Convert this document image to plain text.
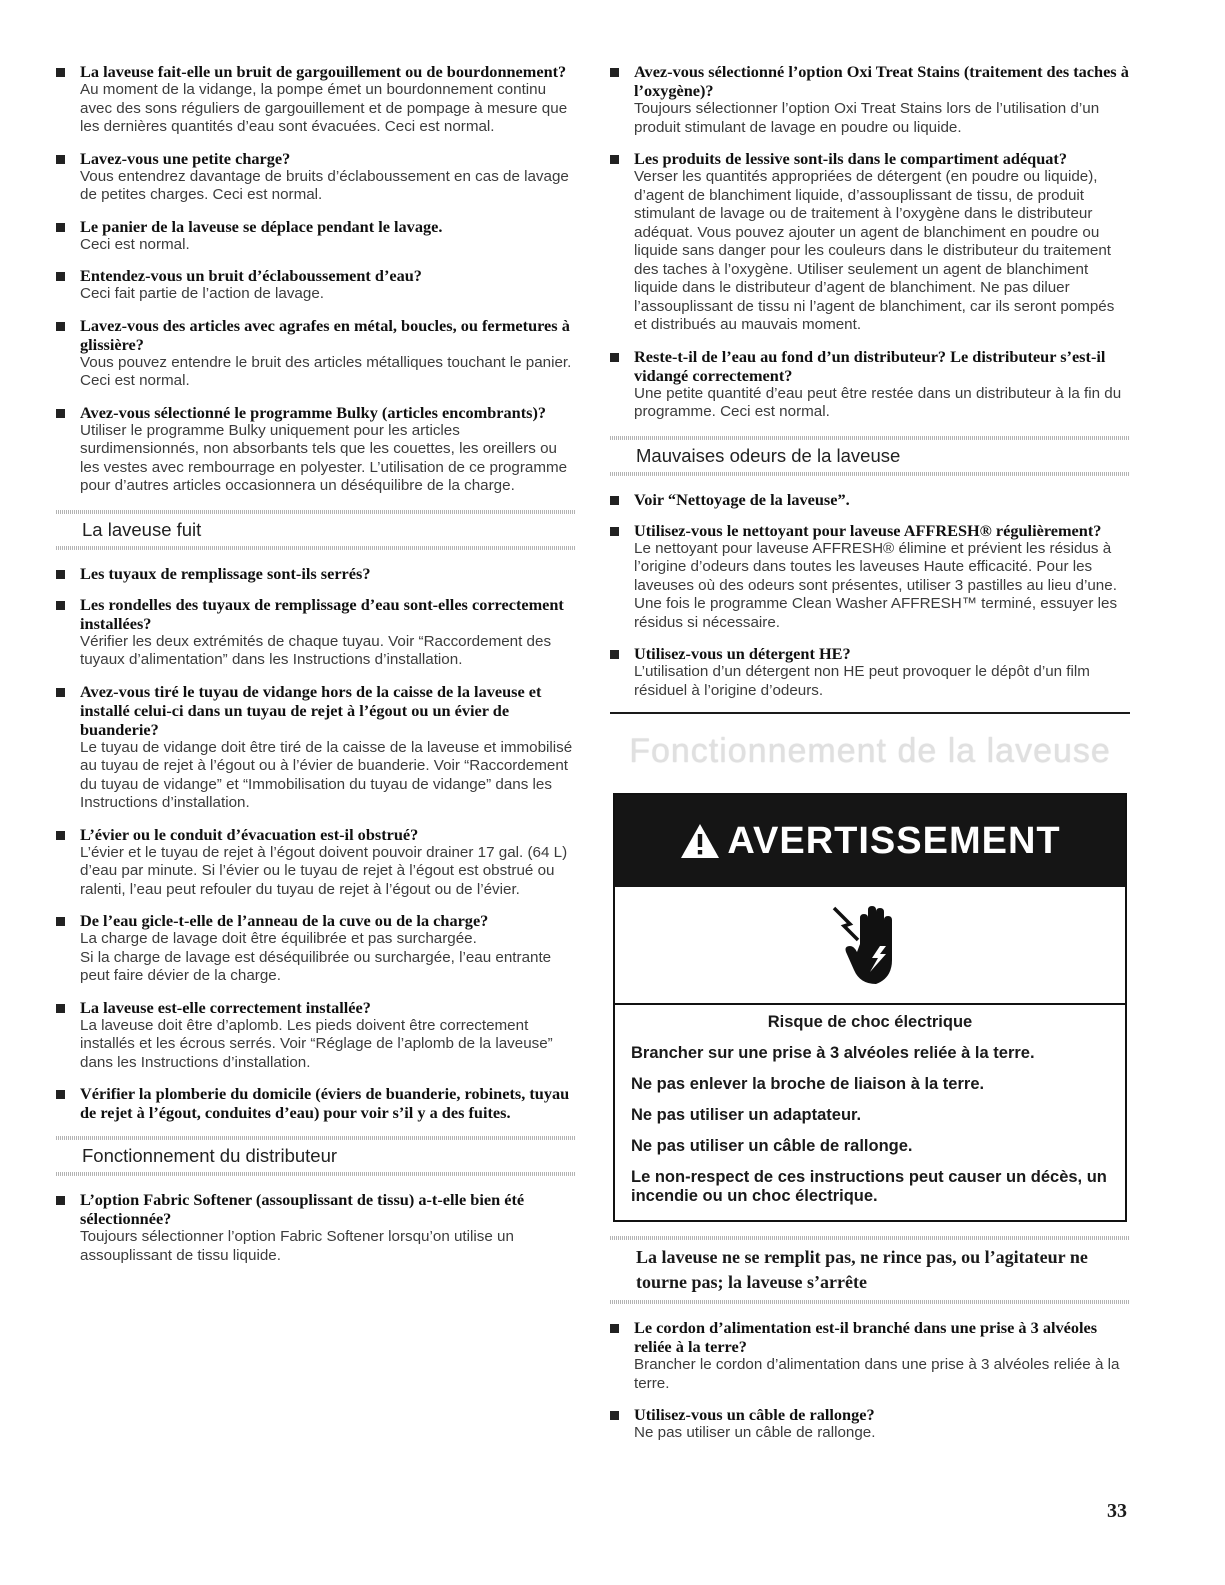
La laveuse fait-elle un bruit de gargouillement ou de bourdonnement?

Au moment de la vidange, la pompe émet un bourdonnement continu avec des sons réguliers de gargouillement et de pompage à mesure que les dernières quantités d’eau sont évacuées. Ceci est normal.

Lavez-vous une petite charge?

Vous entendrez davantage de bruits d’éclaboussement en cas de lavage de petites charges. Ceci est normal.

Le panier de la laveuse se déplace pendant le lavage.

Ceci est normal.

Entendez-vous un bruit d’éclaboussement d’eau?

Ceci fait partie de l’action de lavage.

Lavez-vous des articles avec agrafes en métal, boucles, ou fermetures à glissière?

Vous pouvez entendre le bruit des articles métalliques touchant le panier. Ceci est normal.

Avez-vous sélectionné le programme Bulky (articles encombrants)?

Utiliser le programme Bulky uniquement pour les articles surdimensionnés, non absorbants tels que les couettes, les oreillers ou les vestes avec rembourrage en polyester. L’utilisation de ce programme pour d’autres articles occasionnera un déséquilibre de la charge.

La laveuse fuit
Les tuyaux de remplissage sont-ils serrés?
Les rondelles des tuyaux de remplissage d’eau sont-elles correctement installées?

Vérifier les deux extrémités de chaque tuyau. Voir “Raccordement des tuyaux d’alimentation” dans les Instructions d’installation.

Avez-vous tiré le tuyau de vidange hors de la caisse de la laveuse et installé celui-ci dans un tuyau de rejet à l’égout ou un évier de buanderie?

Le tuyau de vidange doit être tiré de la caisse de la laveuse et immobilisé au tuyau de rejet à l’égout ou à l’évier de buanderie. Voir “Raccordement du tuyau de vidange” et “Immobilisation du tuyau de vidange” dans les Instructions d’installation.

L’évier ou le conduit d’évacuation est-il obstrué?

L’évier et le tuyau de rejet à l’égout doivent pouvoir drainer 17 gal. (64 L) d’eau par minute. Si l’évier ou le tuyau de rejet à l’égout est obstrué ou ralenti, l’eau peut refouler du tuyau de rejet à l’égout ou de l’évier.

De l’eau gicle-t-elle de l’anneau de la cuve ou de la charge?

La charge de lavage doit être équilibrée et pas surchargée.

Si la charge de lavage est déséquilibrée ou surchargée, l’eau entrante peut faire dévier de la charge.

La laveuse est-elle correctement installée?

La laveuse doit être d’aplomb. Les pieds doivent être correctement installés et les écrous serrés. Voir “Réglage de l’aplomb de la laveuse” dans les Instructions d’installation.

Vérifier la plomberie du domicile (éviers de buanderie, robinets, tuyau de rejet à l’égout, conduites d’eau) pour voir s’il y a des fuites.
Fonctionnement du distributeur
L’option Fabric Softener (assouplissant de tissu) a-t-elle bien été sélectionnée?

Toujours sélectionner l’option Fabric Softener lorsqu’on utilise un assouplissant de tissu liquide.

Avez-vous sélectionné l’option Oxi Treat Stains (traitement des taches à l’oxygène)?

Toujours sélectionner l’option Oxi Treat Stains lors de l’utilisation d’un produit stimulant de lavage en poudre ou liquide.

Les produits de lessive sont-ils dans le compartiment adéquat?

Verser les quantités appropriées de détergent (en poudre ou liquide), d’agent de blanchiment liquide, d’assouplissant de tissu, de produit stimulant de lavage ou de traitement à l’oxygène dans le distributeur adéquat. Vous pouvez ajouter un agent de blanchiment en poudre ou liquide sans danger pour les couleurs dans le distributeur du traitement des taches à l’oxygène. Utiliser seulement un agent de blanchiment liquide dans le distributeur d’agent de blanchiment. Ne pas diluer l’assouplissant de tissu ni l’agent de blanchiment, car ils seront pompés et distribués au mauvais moment.

Reste-t-il de l’eau au fond d’un distributeur? Le distributeur s’est-il vidangé correctement?

Une petite quantité d’eau peut être restée dans un distributeur à la fin du programme. Ceci est normal.

Mauvaises odeurs de la laveuse
Voir “Nettoyage de la laveuse”.
Utilisez-vous le nettoyant pour laveuse AFFRESH® régulièrement?

Le nettoyant pour laveuse AFFRESH® élimine et prévient les résidus à l’origine d’odeurs dans toutes les laveuses Haute efficacité. Pour les laveuses où des odeurs sont présentes, utiliser 3 pastilles au lieu d’une. Une fois le programme Clean Washer AFFRESH™ terminé, essuyer les résidus si nécessaire.

Utilisez-vous un détergent HE?

L’utilisation d’un détergent non HE peut provoquer le dépôt d’un film résiduel à l’origine d’odeurs.

Fonctionnement de la laveuse
AVERTISSEMENT
Risque de choc électrique
Brancher sur une prise à 3 alvéoles reliée à la terre.
Ne pas enlever la broche de liaison à la terre.
Ne pas utiliser un adaptateur.
Ne pas utiliser un câble de rallonge.
Le non-respect de ces instructions peut causer un décès, un incendie ou un choc électrique.
La laveuse ne se remplit pas, ne rince pas, ou l’agitateur ne tourne pas; la laveuse s’arrête
Le cordon d’alimentation est-il branché dans une prise à 3 alvéoles reliée à la terre?

Brancher le cordon d’alimentation dans une prise à 3 alvéoles reliée à la terre.

Utilisez-vous un câble de rallonge?

Ne pas utiliser un câble de rallonge.

33
